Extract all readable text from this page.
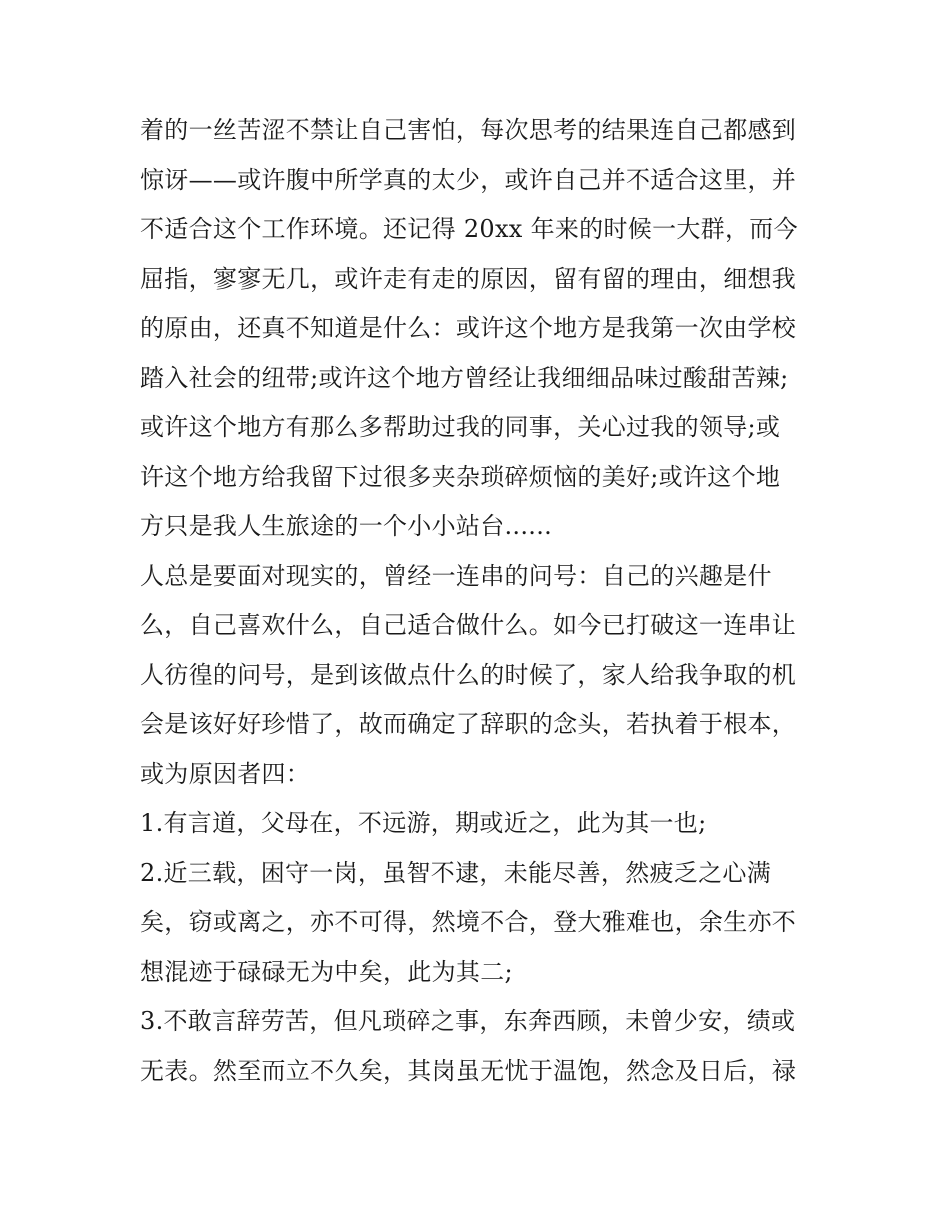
着的一丝苦涩不禁让自己害怕，每次思考的结果连自己都感到
惊讶——或许腹中所学真的太少，或许自己并不适合这里，并
不适合这个工作环境。还记得 20xx 年来的时候一大群，而今
屈指，寥寥无几，或许走有走的原因，留有留的理由，细想我
的原由，还真不知道是什么：或许这个地方是我第一次由学校
踏入社会的纽带;或许这个地方曾经让我细细品味过酸甜苦辣;
或许这个地方有那么多帮助过我的同事，关心过我的领导;或
许这个地方给我留下过很多夹杂琐碎烦恼的美好;或许这个地
方只是我人生旅途的一个小小站台......
人总是要面对现实的，曾经一连串的问号：自己的兴趣是什
么，自己喜欢什么，自己适合做什么。如今已打破这一连串让
人彷徨的问号，是到该做点什么的时候了，家人给我争取的机
会是该好好珍惜了，故而确定了辞职的念头，若执着于根本，
或为原因者四：
1.有言道，父母在，不远游，期或近之，此为其一也;
2.近三载，困守一岗，虽智不逮，未能尽善，然疲乏之心满
矣，窃或离之，亦不可得，然境不合，登大雅难也，余生亦不
想混迹于碌碌无为中矣，此为其二;
3.不敢言辞劳苦，但凡琐碎之事，东奔西顾，未曾少安，绩或
无表。然至而立不久矣，其岗虽无忧于温饱，然念及日后，禄
